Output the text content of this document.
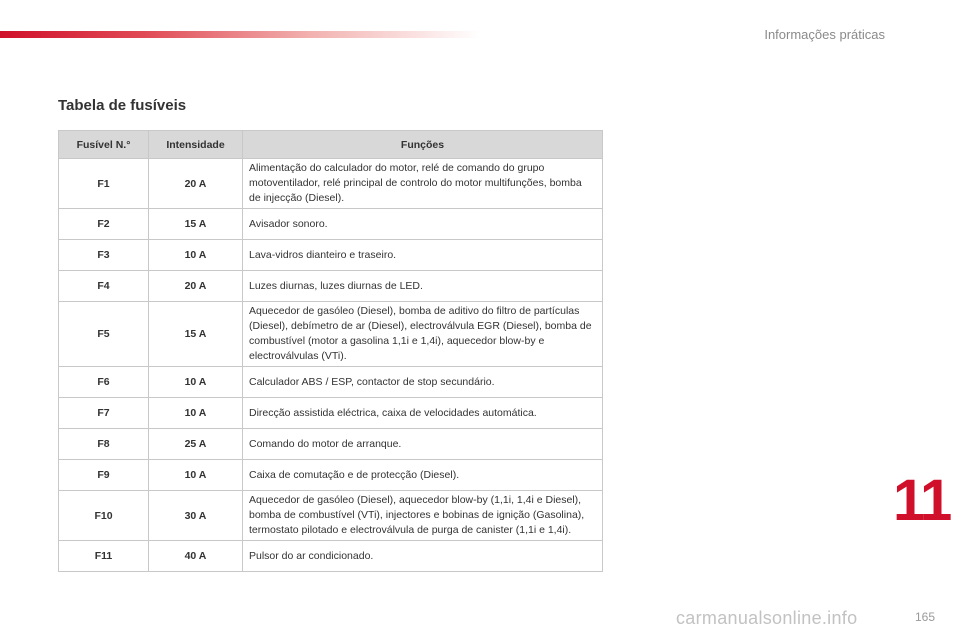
Informações práticas
Tabela de fusíveis
Fusível N.°	Intensidade	Funções
F1	20 A	Alimentação do calculador do motor, relé de comando do grupo motoventilador, relé principal de controlo do motor multifunções, bomba de injecção (Diesel).
F2	15 A	Avisador sonoro.
F3	10 A	Lava-vidros dianteiro e traseiro.
F4	20 A	Luzes diurnas, luzes diurnas de LED.
F5	15 A	Aquecedor de gasóleo (Diesel), bomba de aditivo do filtro de partículas (Diesel), debímetro de ar (Diesel), electroválvula EGR (Diesel), bomba de combustível (motor a gasolina 1,1i e 1,4i), aquecedor blow-by e electroválvulas (VTi).
F6	10 A	Calculador ABS / ESP, contactor de stop secundário.
F7	10 A	Direcção assistida eléctrica, caixa de velocidades automática.
F8	25 A	Comando do motor de arranque.
F9	10 A	Caixa de comutação e de protecção (Diesel).
F10	30 A	Aquecedor de gasóleo (Diesel), aquecedor blow-by (1,1i, 1,4i e Diesel), bomba de combustível (VTi), injectores e bobinas de ignição (Gasolina), termostato pilotado e electroválvula de purga de canister (1,1i e 1,4i).
F11	40 A	Pulsor do ar condicionado.
11
165
carmanualsonline.info
